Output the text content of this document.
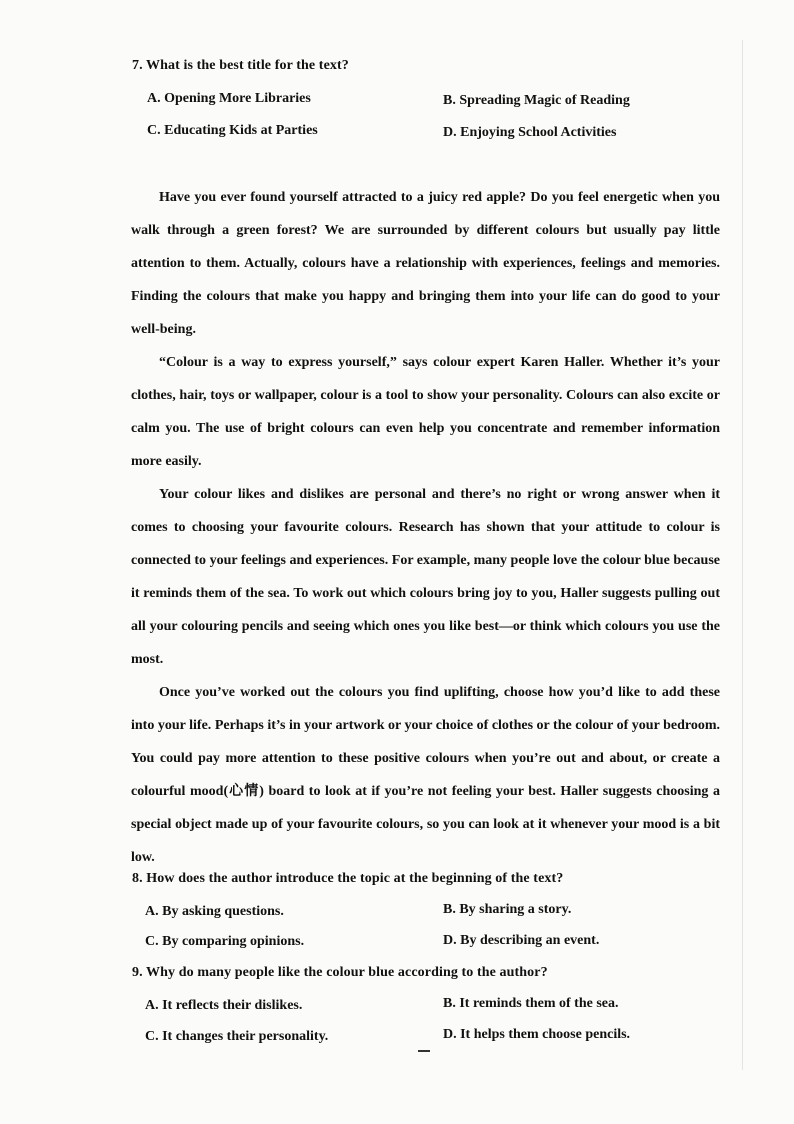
7. What is the best title for the text?
A. Opening More Libraries	B. Spreading Magic of Reading
C. Educating Kids at Parties	D. Enjoying School Activities

Have you ever found yourself attracted to a juicy red apple? Do you feel energetic when you walk through a green forest? We are surrounded by different colours but usually pay little attention to them. Actually, colours have a relationship with experiences, feelings and memories. Finding the colours that make you happy and bringing them into your life can do good to your well-being.

“Colour is a way to express yourself,” says colour expert Karen Haller. Whether it’s your clothes, hair, toys or wallpaper, colour is a tool to show your personality. Colours can also excite or calm you. The use of bright colours can even help you concentrate and remember information more easily.

Your colour likes and dislikes are personal and there’s no right or wrong answer when it comes to choosing your favourite colours. Research has shown that your attitude to colour is connected to your feelings and experiences. For example, many people love the colour blue because it reminds them of the sea. To work out which colours bring joy to you, Haller suggests pulling out all your colouring pencils and seeing which ones you like best—or think which colours you use the most.

Once you’ve worked out the colours you find uplifting, choose how you’d like to add these into your life. Perhaps it’s in your artwork or your choice of clothes or the colour of your bedroom. You could pay more attention to these positive colours when you’re out and about, or create a colourful mood(心情) board to look at if you’re not feeling your best. Haller suggests choosing a special object made up of your favourite colours, so you can look at it whenever your mood is a bit low.

8. How does the author introduce the topic at the beginning of the text?
A. By asking questions.	B. By sharing a story.
C. By comparing opinions.	D. By describing an event.
9. Why do many people like the colour blue according to the author?
A. It reflects their dislikes.	B. It reminds them of the sea.
C. It changes their personality.	D. It helps them choose pencils.
